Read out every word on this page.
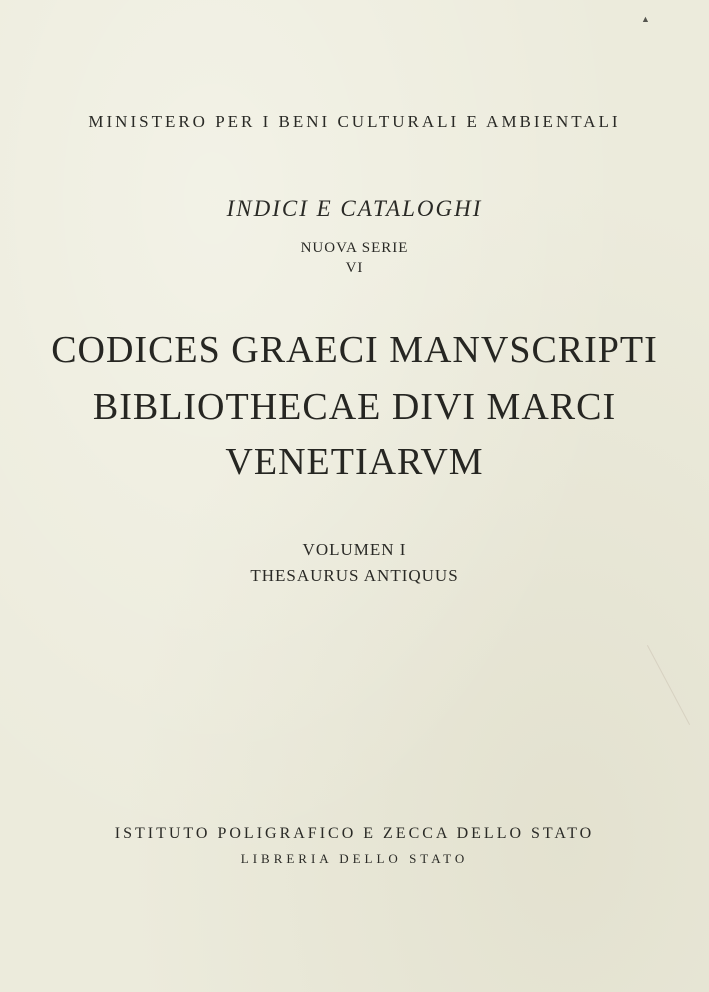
▲
MINISTERO PER I BENI CULTURALI E AMBIENTALI
INDICI E CATALOGHI
NUOVA SERIE
VI
CODICES GRAECI MANVSCRIPTI
BIBLIOTHECAE DIVI MARCI
VENETIARVM
VOLUMEN I
THESAURUS ANTIQUUS
ISTITUTO POLIGRAFICO E ZECCA DELLO STATO
LIBRERIA DELLO STATO
